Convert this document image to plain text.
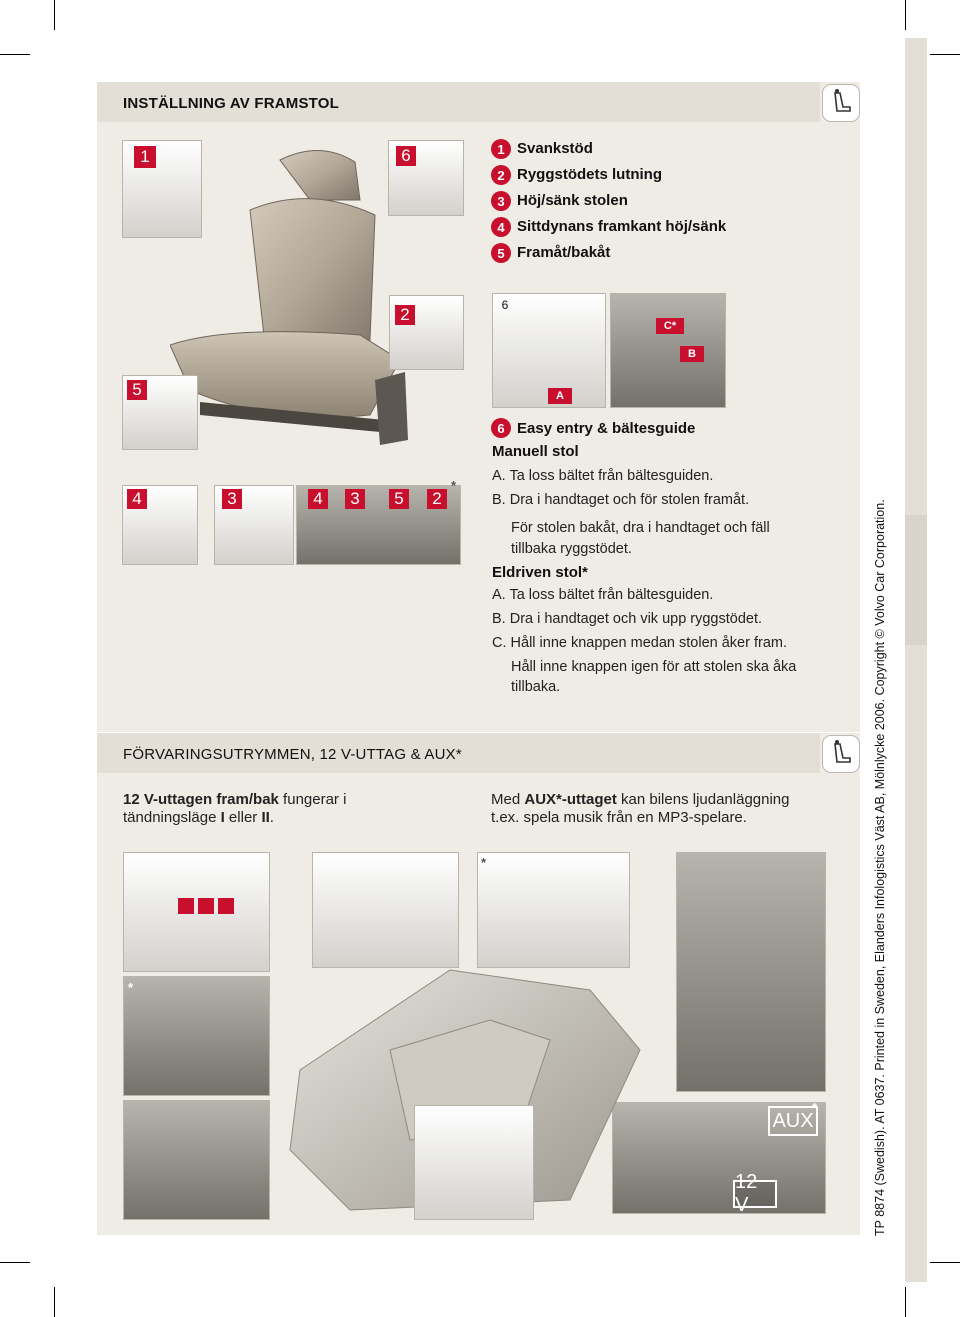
INSTÄLLNING AV FRAMSTOL
1	6
2
5
4	3	4	3	5	2
*
6
A
C*
B
1 Svankstöd
2 Ryggstödets lutning
3 Höj/sänk stolen
4 Sittdynans framkant höj/sänk
5 Framåt/bakåt
6 Easy entry & bältesguide
Manuell stol
A. Ta loss bältet från bältesguiden.
B. Dra i handtaget och för stolen framåt.
För stolen bakåt, dra i handtaget och fäll
tillbaka ryggstödet.
Eldriven stol*
A. Ta loss bältet från bältesguiden.
B. Dra i handtaget och vik upp ryggstödet.
C. Håll inne knappen medan stolen åker fram.
Håll inne knappen igen för att stolen ska åka
tillbaka.
FÖRVARINGSUTRYMMEN, 12 V-UTTAG & AUX*
12 V-uttagen fram/bak fungerar i
tändningsläge I eller II.
Med AUX*-uttaget kan bilens ljudanläggning
t.ex. spela musik från en MP3-spelare.
*
*
AUX
*
12 V	TP 8874 (Swedish). AT 0637. Printed in Sweden, Elanders Infologistics Väst AB, Mölnlycke 2006. Copyright © Volvo Car Corporation.
